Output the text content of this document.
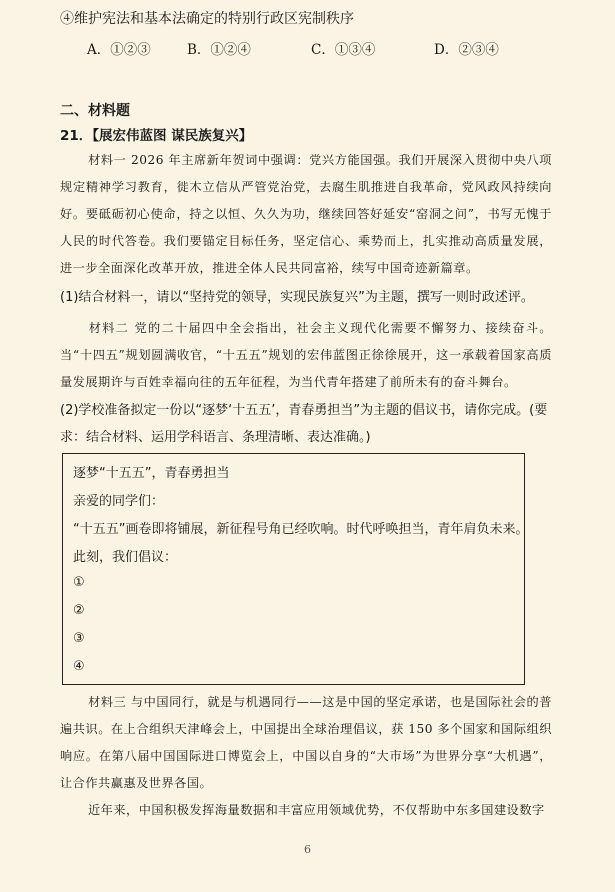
④维护宪法和基本法确定的特别行政区宪制秩序
A．①②③	B．①②④	C．①③④	D．②③④
二、材料题
21．【展宏伟蓝图 谋民族复兴】
材料一 2026 年主席新年贺词中强调：党兴方能国强。我们开展深入贯彻中央八项规定精神学习教育，徙木立信从严管党治党，去腐生肌推进自我革命，党风政风持续向好。要砥砺初心使命，持之以恒、久久为功，继续回答好延安“窑洞之问”，书写无愧于人民的时代答卷。我们要锚定目标任务，坚定信心、乘势而上，扎实推动高质量发展，进一步全面深化改革开放，推进全体人民共同富裕，续写中国奇迹新篇章。
(1)结合材料一，请以“坚持党的领导，实现民族复兴”为主题，撰写一则时政述评。
材料二 党的二十届四中全会指出，社会主义现代化需要不懈努力、接续奋斗。当“十四五”规划圆满收官，“十五五”规划的宏伟蓝图正徐徐展开，这一承载着国家高质量发展期许与百姓幸福向往的五年征程，为当代青年搭建了前所未有的奋斗舞台。
(2)学校准备拟定一份以“逐梦‘十五五’，青春勇担当”为主题的倡议书，请你完成。(要求：结合材料、运用学科语言、条理清晰、表达准确。)
逐梦“十五五”，青春勇担当
亲爱的同学们：
“十五五”画卷即将铺展，新征程号角已经吹响。时代呼唤担当，青年肩负未来。
此刻，我们倡议：
①
②
③
④
材料三 与中国同行，就是与机遇同行——这是中国的坚定承诺，也是国际社会的普遍共识。在上合组织天津峰会上，中国提出全球治理倡议，获 150 多个国家和国际组织响应。在第八届中国国际进口博览会上，中国以自身的“大市场”为世界分享“大机遇”，让合作共赢惠及世界各国。
近年来，中国积极发挥海量数据和丰富应用领域优势，不仅帮助中东多国建设数字
6
